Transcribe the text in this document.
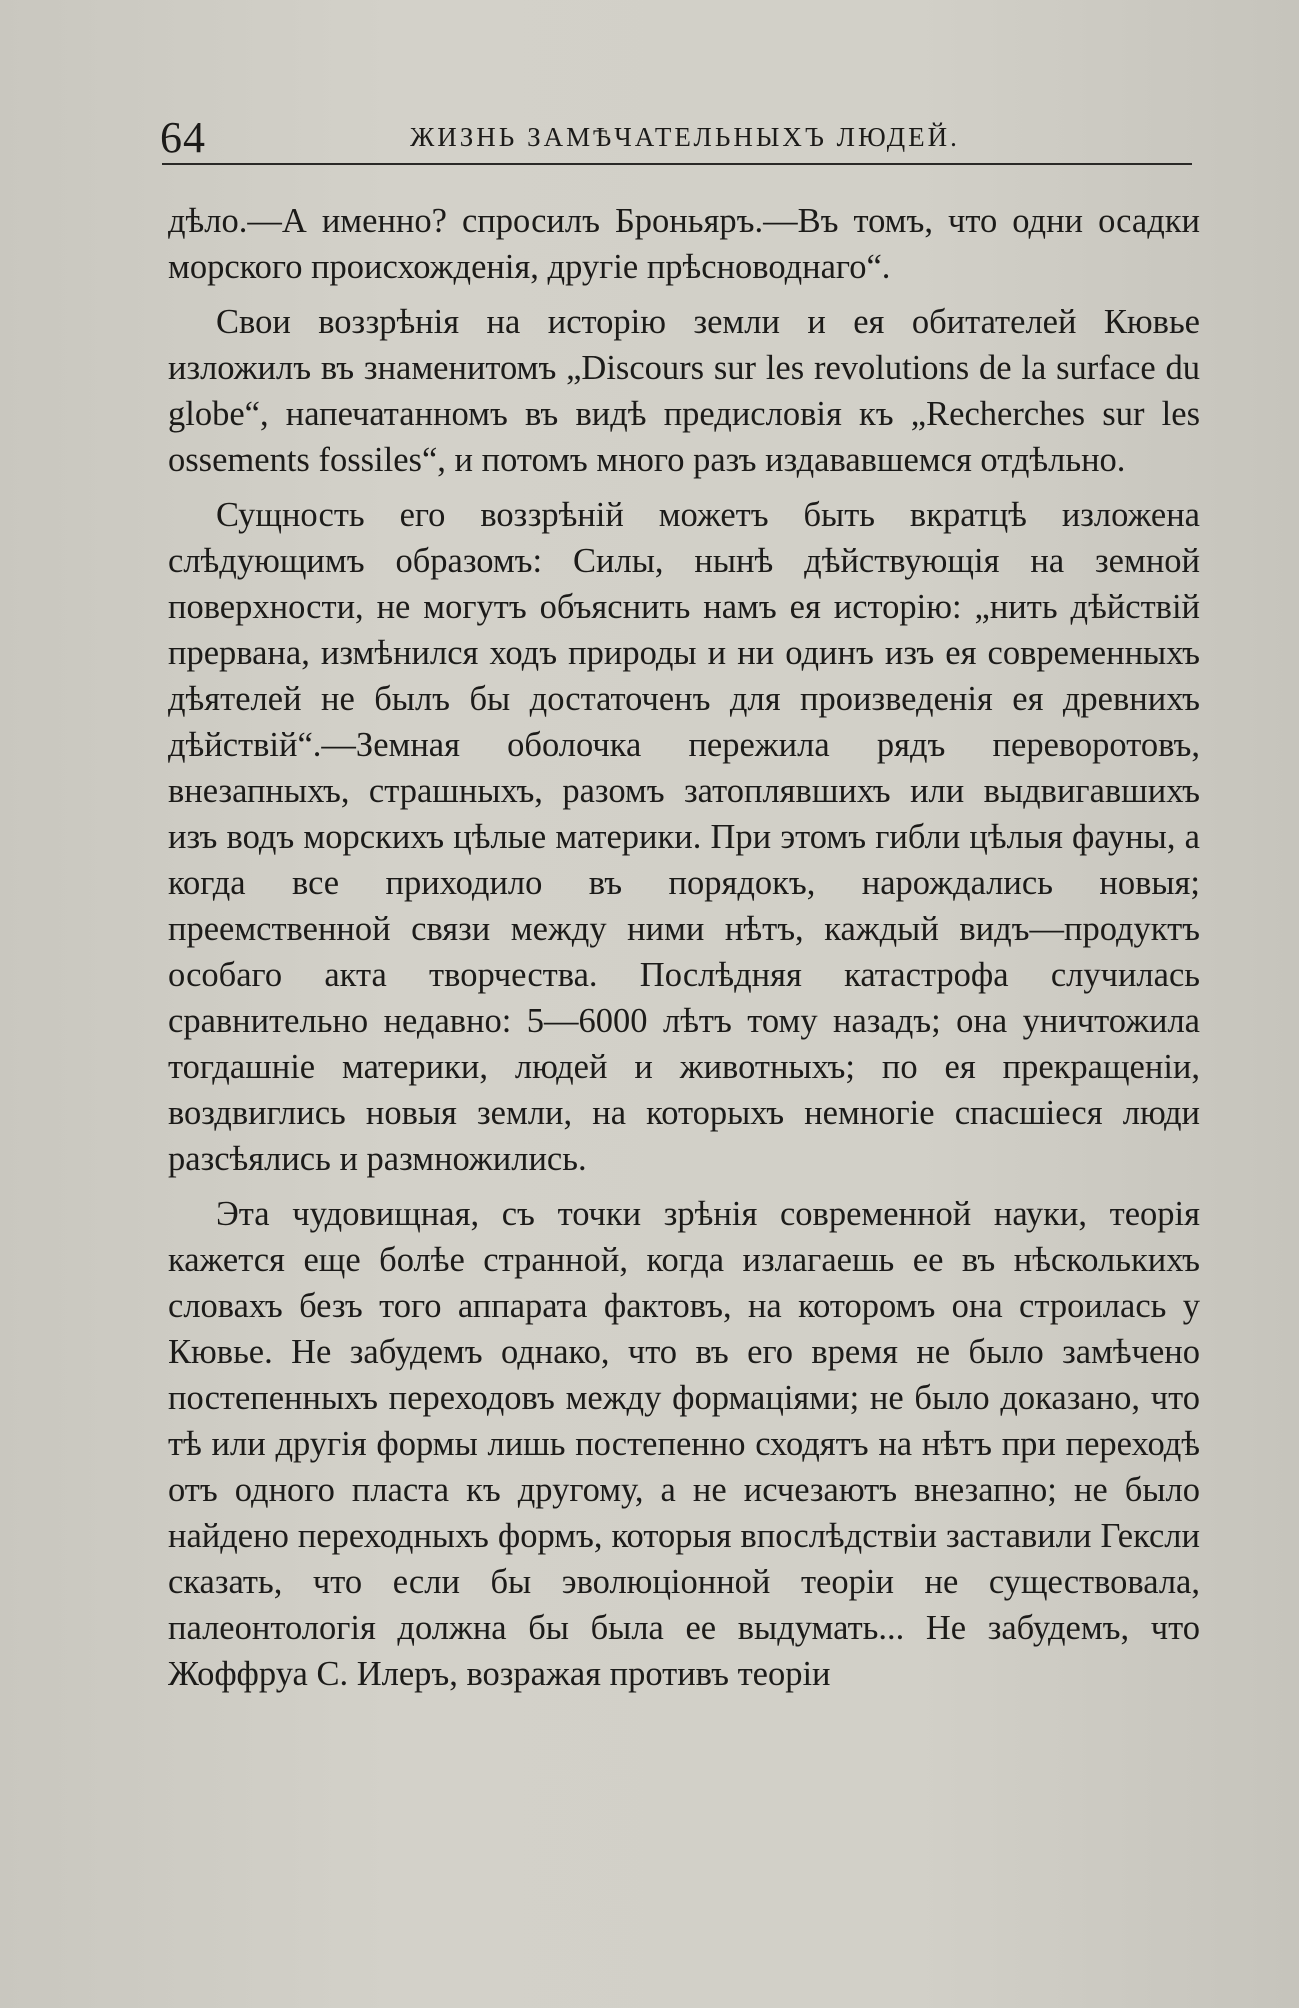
64	ЖИЗНЬ ЗАМѢЧАТЕЛЬНЫХЪ ЛЮДЕЙ.

дѣло.—А именно? спросилъ Броньяръ.—Въ томъ, что одни осадки морского происхожденія, другіе прѣсноводнаго“.

Свои воззрѣнія на исторію земли и ея обитателей Кювье изложилъ въ знаменитомъ „Discours sur les revolutions de la surface du globe“, напечатанномъ въ видѣ предисловія къ „Recherches sur les ossements fossiles“, и потомъ много разъ издававшемся отдѣльно.

Сущность его воззрѣній можетъ быть вкратцѣ изложена слѣдующимъ образомъ: Силы, нынѣ дѣйствующія на земной поверхности, не могутъ объяснить намъ ея исторію: „нить дѣйствій прервана, измѣнился ходъ природы и ни одинъ изъ ея современныхъ дѣятелей не былъ бы достаточенъ для произведенія ея древнихъ дѣйствій“.—Земная оболочка пережила рядъ переворотовъ, внезапныхъ, страшныхъ, разомъ затоплявшихъ или выдвигавшихъ изъ водъ морскихъ цѣлые материки. При этомъ гибли цѣлыя фауны, а когда все приходило въ порядокъ, нарождались новыя; преемственной связи между ними нѣтъ, каждый видъ—продуктъ особаго акта творчества. Послѣдняя катастрофа случилась сравнительно недавно: 5—6000 лѣтъ тому назадъ; она уничтожила тогдашніе материки, людей и животныхъ; по ея прекращеніи, воздвиглись новыя земли, на которыхъ немногіе спасшіеся люди разсѣялись и размножились.

Эта чудовищная, съ точки зрѣнія современной науки, теорія кажется еще болѣе странной, когда излагаешь ее въ нѣсколькихъ словахъ безъ того аппарата фактовъ, на которомъ она строилась у Кювье. Не забудемъ однако, что въ его время не было замѣчено постепенныхъ переходовъ между формаціями; не было доказано, что тѣ или другія формы лишь постепенно сходятъ на нѣтъ при переходѣ отъ одного пласта къ другому, а не исчезаютъ внезапно; не было найдено переходныхъ формъ, которыя впослѣдствіи заставили Гексли сказать, что если бы эволюціонной теоріи не существовала, палеонтологія должна бы была ее выдумать... Не забудемъ, что Жоффруа С. Илеръ, возражая противъ теоріи
